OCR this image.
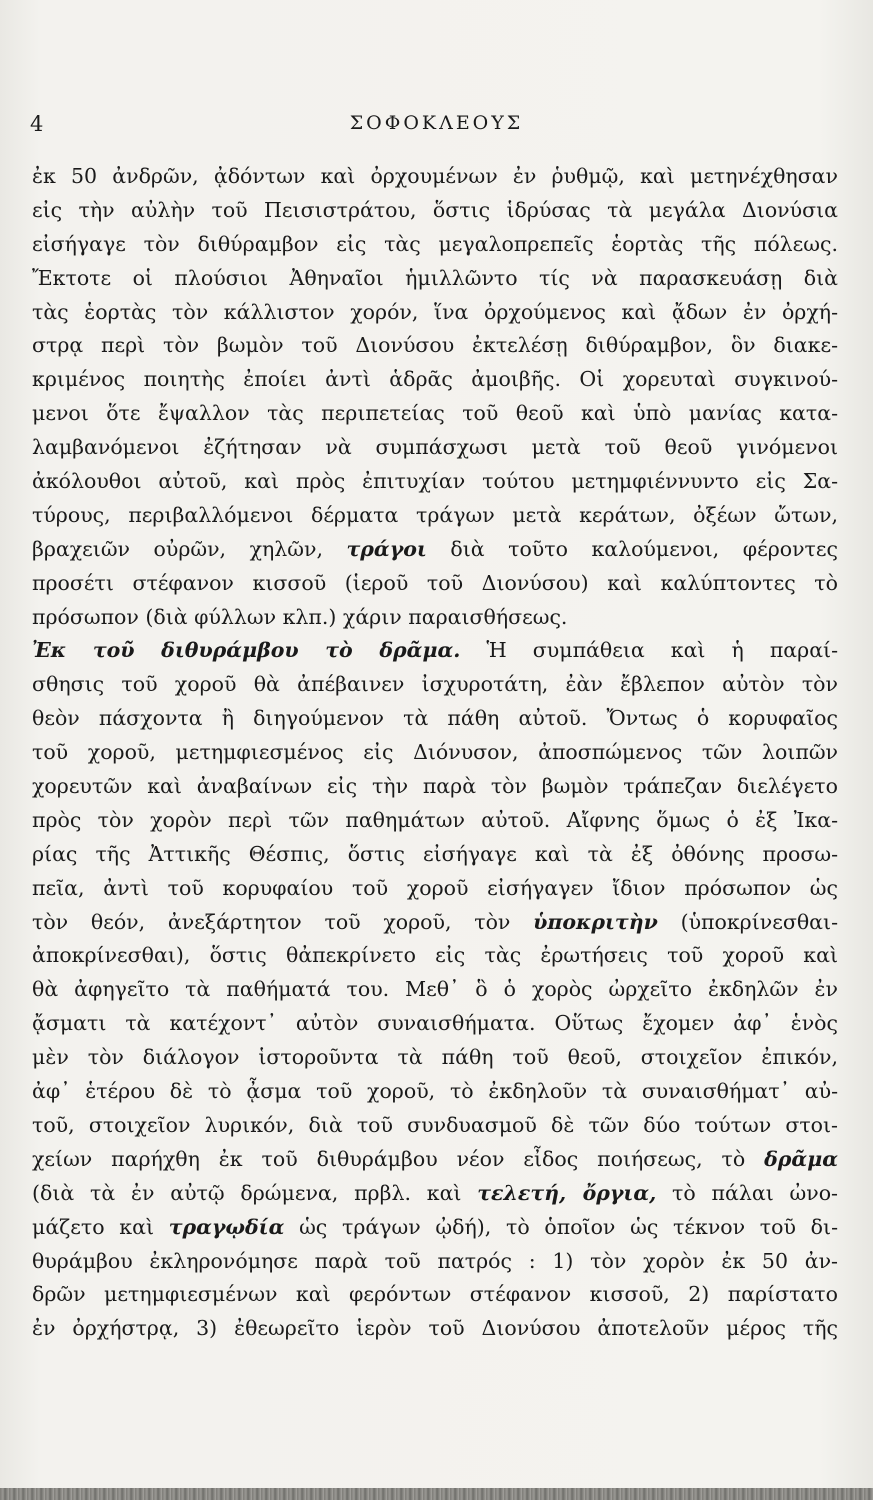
4	ΣΟΦΟΚΛΕΟΥΣ
ἐκ 50 ἀνδρῶν, ᾀδόντων καὶ ὀρχουμένων ἐν ῥυθμῷ, καὶ μετηνέχθησαν
εἰς τὴν αὐλὴν τοῦ Πεισιστράτου, ὅστις ἱδρύσας τὰ μεγάλα Διονύσια
εἰσήγαγε τὸν διθύραμβον εἰς τὰς μεγαλοπρεπεῖς ἑορτὰς τῆς πόλεως.
Ἔκτοτε οἱ πλούσιοι Ἀθηναῖοι ἡμιλλῶντο τίς νὰ παρασκευάσῃ διὰ
τὰς ἑορτὰς τὸν κάλλιστον χορόν, ἵνα ὀρχούμενος καὶ ᾄδων ἐν ὀρχή-
στρᾳ περὶ τὸν βωμὸν τοῦ Διονύσου ἐκτελέσῃ διθύραμβον, ὃν διακε-
κριμένος ποιητὴς ἐποίει ἀντὶ ἁδρᾶς ἀμοιβῆς. Οἱ χορευταὶ συγκινού-
μενοι ὅτε ἔψαλλον τὰς περιπετείας τοῦ θεοῦ καὶ ὑπὸ μανίας κατα-
λαμβανόμενοι ἐζήτησαν νὰ συμπάσχωσι μετὰ τοῦ θεοῦ γινόμενοι
ἀκόλουθοι αὐτοῦ, καὶ πρὸς ἐπιτυχίαν τούτου μετημφιέννυντο εἰς Σα-
τύρους, περιβαλλόμενοι δέρματα τράγων μετὰ κεράτων, ὀξέων ὤτων,
βραχειῶν οὐρῶν, χηλῶν, τράγοι διὰ τοῦτο καλούμενοι, φέροντες
προσέτι στέφανον κισσοῦ (ἱεροῦ τοῦ Διονύσου) καὶ καλύπτοντες τὸ
πρόσωπον (διὰ φύλλων κλπ.) χάριν παραισθήσεως.
Ἐκ τοῦ διθυράμβου τὸ δρᾶμα. Ἡ συμπάθεια καὶ ἡ παραί-
σθησις τοῦ χοροῦ θὰ ἀπέβαινεν ἰσχυροτάτη, ἐὰν ἔβλεπον αὐτὸν τὸν
θεὸν πάσχοντα ἢ διηγούμενον τὰ πάθη αὐτοῦ. Ὄντως ὁ κορυφαῖος
τοῦ χοροῦ, μετημφιεσμένος εἰς Διόνυσον, ἀποσπώμενος τῶν λοιπῶν
χορευτῶν καὶ ἀναβαίνων εἰς τὴν παρὰ τὸν βωμὸν τράπεζαν διελέγετο
πρὸς τὸν χορὸν περὶ τῶν παθημάτων αὐτοῦ. Αἴφνης ὅμως ὁ ἐξ Ἰκα-
ρίας τῆς Ἀττικῆς Θέσπις, ὅστις εἰσήγαγε καὶ τὰ ἐξ ὀθόνης προσω-
πεῖα, ἀντὶ τοῦ κορυφαίου τοῦ χοροῦ εἰσήγαγεν ἴδιον πρόσωπον ὡς
τὸν θεόν, ἀνεξάρτητον τοῦ χοροῦ, τὸν ὑποκριτὴν (ὑποκρίνεσθαι-
ἀποκρίνεσθαι), ὅστις θἀπεκρίνετο εἰς τὰς ἐρωτήσεις τοῦ χοροῦ καὶ
θὰ ἀφηγεῖτο τὰ παθήματά του. Μεθ᾿ ὃ ὁ χορὸς ὠρχεῖτο ἐκδηλῶν ἐν
ᾄσματι τὰ κατέχοντ᾿ αὐτὸν συναισθήματα. Οὕτως ἔχομεν ἀφ᾿ ἑνὸς
μὲν τὸν διάλογον ἱστοροῦντα τὰ πάθη τοῦ θεοῦ, στοιχεῖον ἐπικόν,
ἀφ᾿ ἑτέρου δὲ τὸ ᾆσμα τοῦ χοροῦ, τὸ ἐκδηλοῦν τὰ συναισθήματ᾿ αὐ-
τοῦ, στοιχεῖον λυρικόν, διὰ τοῦ συνδυασμοῦ δὲ τῶν δύο τούτων στοι-
χείων παρήχθη ἐκ τοῦ διθυράμβου νέον εἶδος ποιήσεως, τὸ δρᾶμα
(διὰ τὰ ἐν αὐτῷ δρώμενα, πρβλ. καὶ τελετή, ὄργια, τὸ πάλαι ὠνο-
μάζετο καὶ τραγῳδία ὡς τράγων ᾠδή), τὸ ὁποῖον ὡς τέκνον τοῦ δι-
θυράμβου ἐκληρονόμησε παρὰ τοῦ πατρός : 1) τὸν χορὸν ἐκ 50 ἀν-
δρῶν μετημφιεσμένων καὶ φερόντων στέφανον κισσοῦ, 2) παρίστατο
ἐν ὀρχήστρᾳ, 3) ἐθεωρεῖτο ἱερὸν τοῦ Διονύσου ἀποτελοῦν μέρος τῆς
